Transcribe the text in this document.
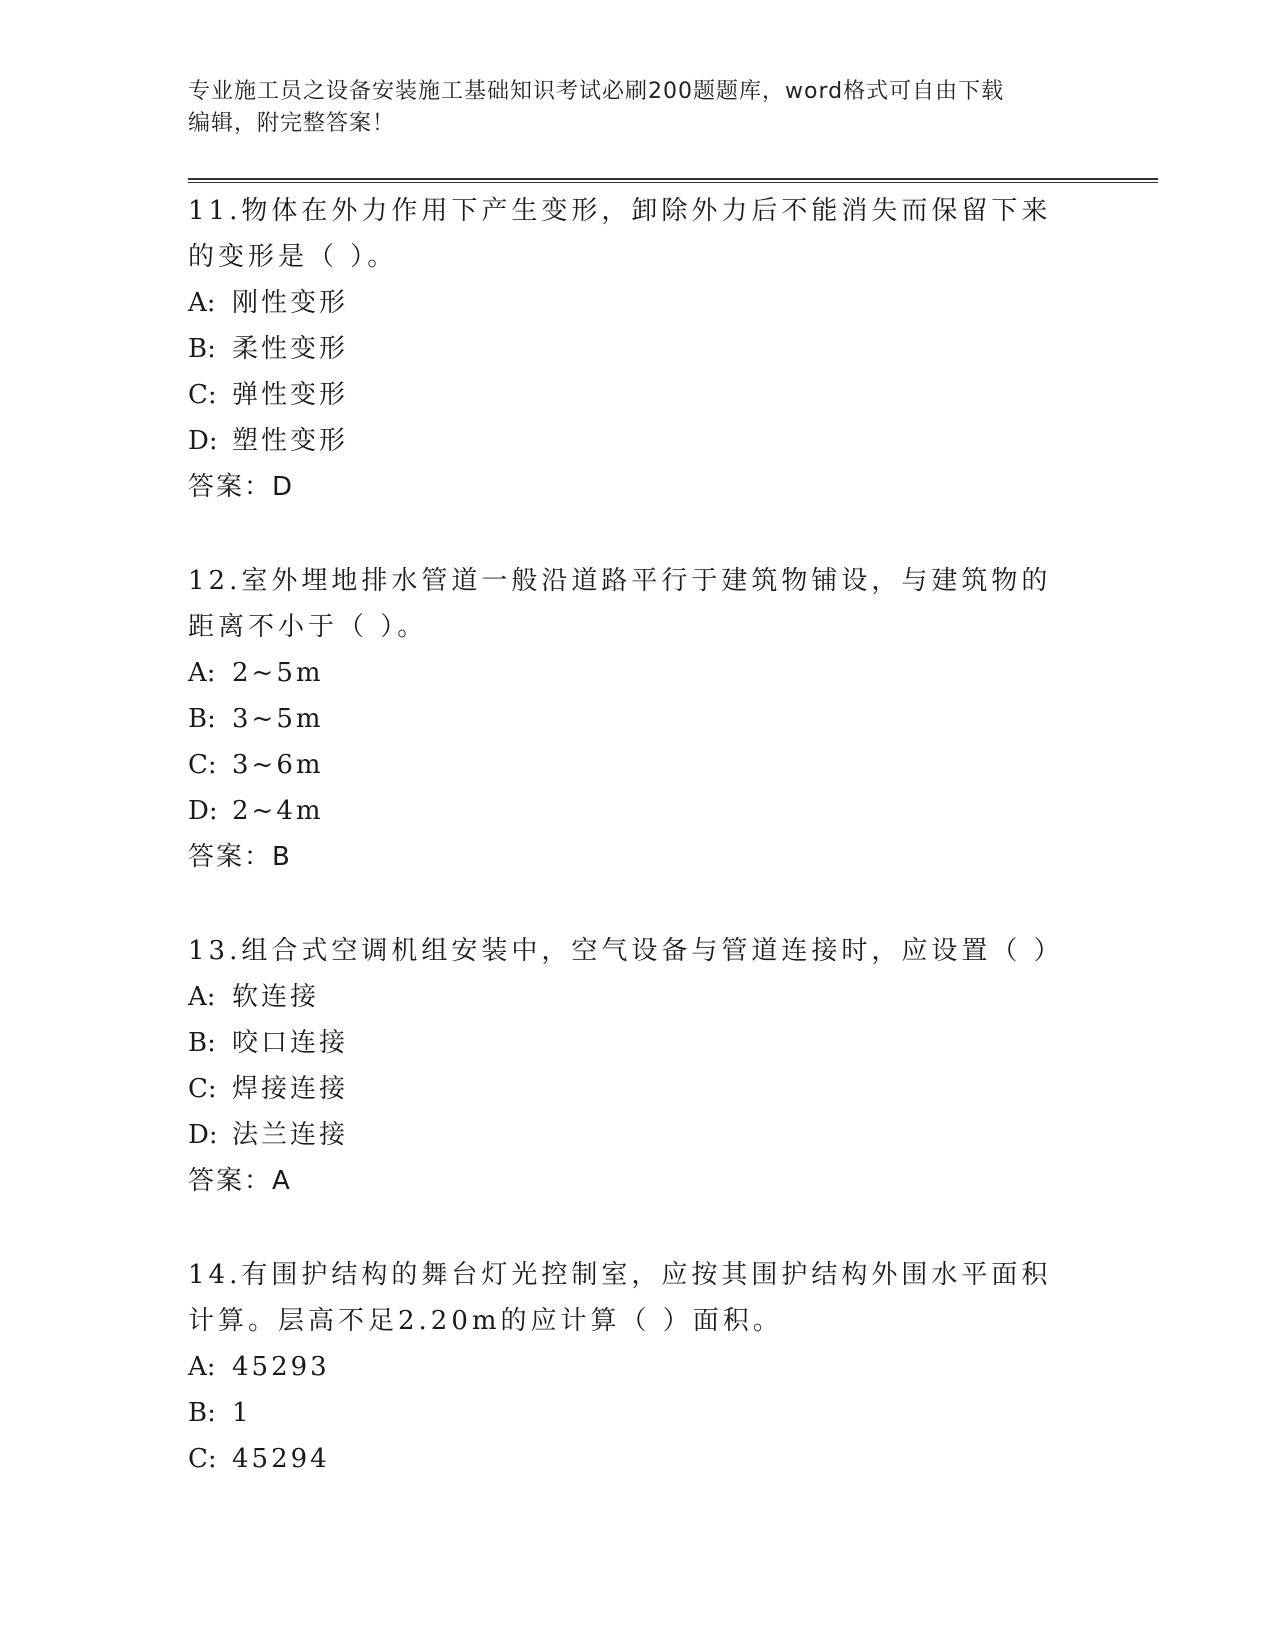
专业施工员之设备安装施工基础知识考试必刷200题题库，word格式可自由下载
编辑，附完整答案！

11.物体在外力作用下产生变形，卸除外力后不能消失而保留下来的变形是（ ）。

A: 刚性变形

B: 柔性变形

C: 弹性变形

D: 塑性变形

答案：D

12.室外埋地排水管道一般沿道路平行于建筑物铺设，与建筑物的距离不小于（ ）。

A: 2~5m

B: 3~5m

C: 3~6m

D: 2~4m

答案：B

13.组合式空调机组安装中，空气设备与管道连接时，应设置（ ）

A: 软连接

B: 咬口连接

C: 焊接连接

D: 法兰连接

答案：A

14.有围护结构的舞台灯光控制室，应按其围护结构外围水平面积计算。层高不足2.20m的应计算（ ）面积。

A: 45293

B: 1

C: 45294
